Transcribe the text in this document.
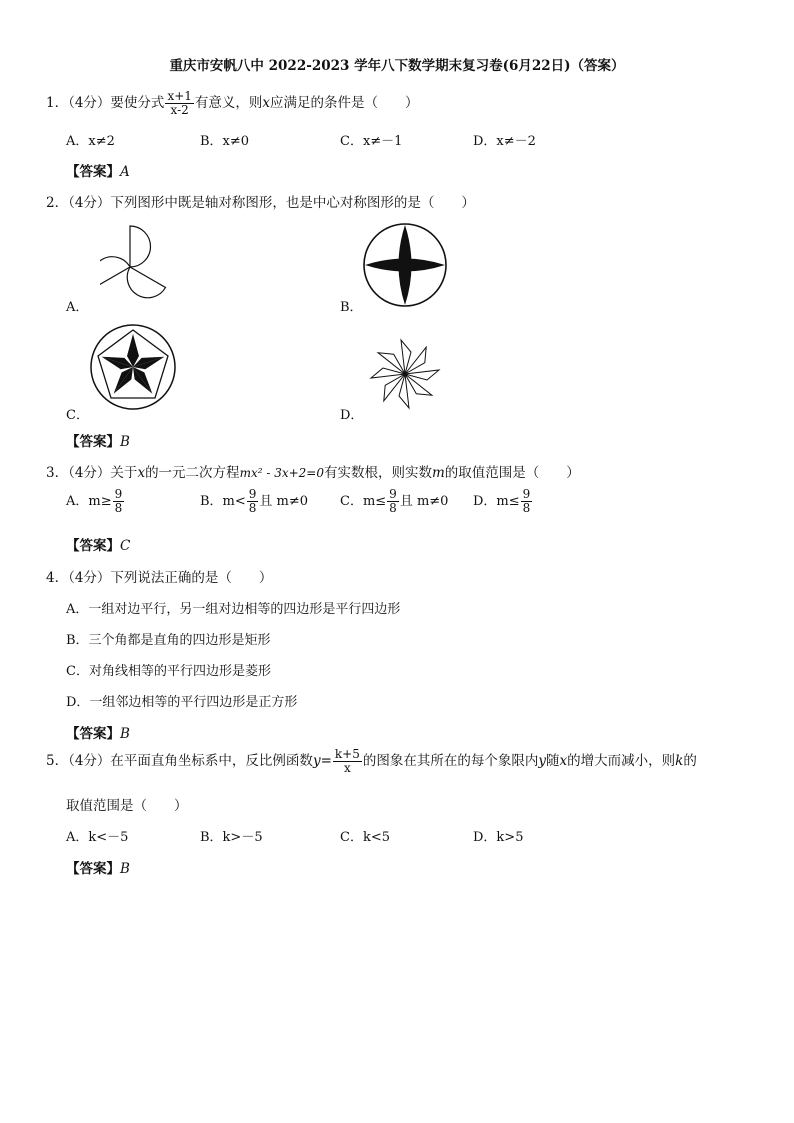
重庆市安帆八中 2022-2023 学年八下数学期末复习卷(6月22日)（答案）
1．（4分）要使分式 $\frac{x+1}{x-2}$ 有意义，则x应满足的条件是（　　）
A．x≠2	B．x≠0	C．x≠－1	D．x≠－2
【答案】A
2．（4分）下列图形中既是轴对称图形，也是中心对称图形的是（　　）
A．	B．
C．	D．
【答案】B
3．（4分）关于x的一元二次方程mx² - 3x+2=0有实数根，则实数m的取值范围是（　　）
A．$m\ge \frac{9}{8}$	B．$m< \frac{9}{8}$ 且 m≠0 C．$m\le \frac{9}{8}$ 且 m≠0 D．$m\le \frac{9}{8}$
【答案】C
4．（4分）下列说法正确的是（　　）
A．一组对边平行，另一组对边相等的四边形是平行四边形
B．三个角都是直角的四边形是矩形
C．对角线相等的平行四边形是菱形
D．一组邻边相等的平行四边形是正方形
【答案】B
5．（4分）在平面直角坐标系中，反比例函数$y= \frac{k+5}{x}$ 的图象在其所在的每个象限内y随x的增大而减小，则k的
取值范围是（　　）
A．k<－5	B．k>－5	C．k<5	D．k>5
【答案】B
